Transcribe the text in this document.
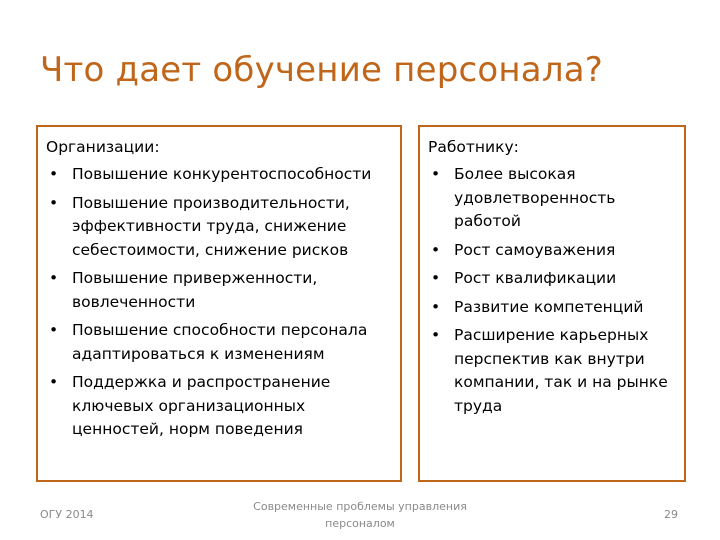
Что дает обучение персонала?
Организации:
• Повышение конкурентоспособности
• Повышение производительности,
эффективности труда, снижение
себестоимости, снижение рисков
• Повышение приверженности,
вовлеченности
• Повышение способности персонала
адаптироваться к изменениям
• Поддержка и распространение
ключевых организационных
ценностей, норм поведения
Работнику:
• Более высокая
удовлетворенность
работой
• Рост самоуважения
• Рост квалификации
• Развитие компетенций
• Расширение карьерных
перспектив как внутри
компании, так и на рынке
труда
ОГУ 2014
Современные проблемы управления
персоналом
29
